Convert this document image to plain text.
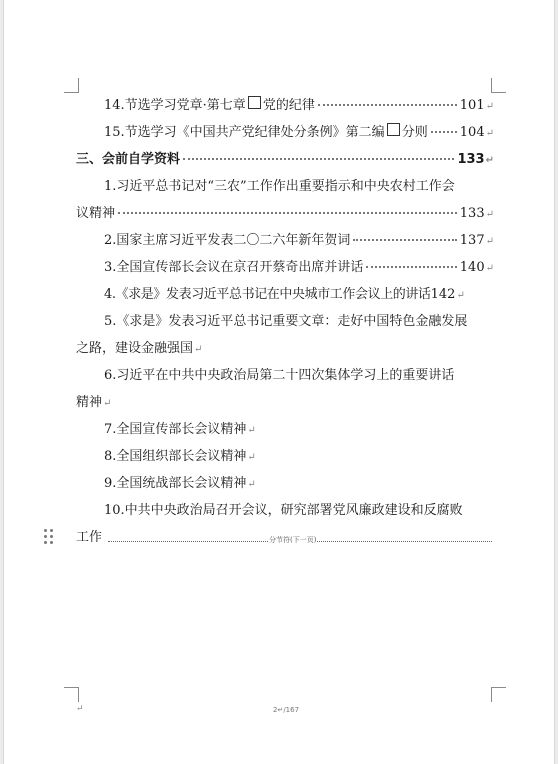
14.节选学习党章·第七章 党的纪律	101 ↵
15.节选学习《中国共产党纪律处分条例》第二编 分则 104 ↵
三、会前自学资料	133 ↵
1.习近平总书记对“三农”工作作出重要指示和中央农村工作会
议精神	133 ↵
2.国家主席习近平发表二〇二六年新年贺词	137 ↵
3.全国宣传部长会议在京召开蔡奇出席并讲话	140 ↵
4.《求是》发表习近平总书记在中央城市工作会议上的讲话 142 ↵
5.《求是》发表习近平总书记重要文章：走好中国特色金融发展
之路，建设金融强国 ↵
6.习近平在中共中央政治局第二十四次集体学习上的重要讲话
精神 ↵
7.全国宣传部长会议精神 ↵
8.全国组织部长会议精神 ↵
9.全国统战部长会议精神 ↵
10.中共中央政治局召开会议，研究部署党风廉政建设和反腐败
工作	分节符(下一页)
↵	2↵/167
